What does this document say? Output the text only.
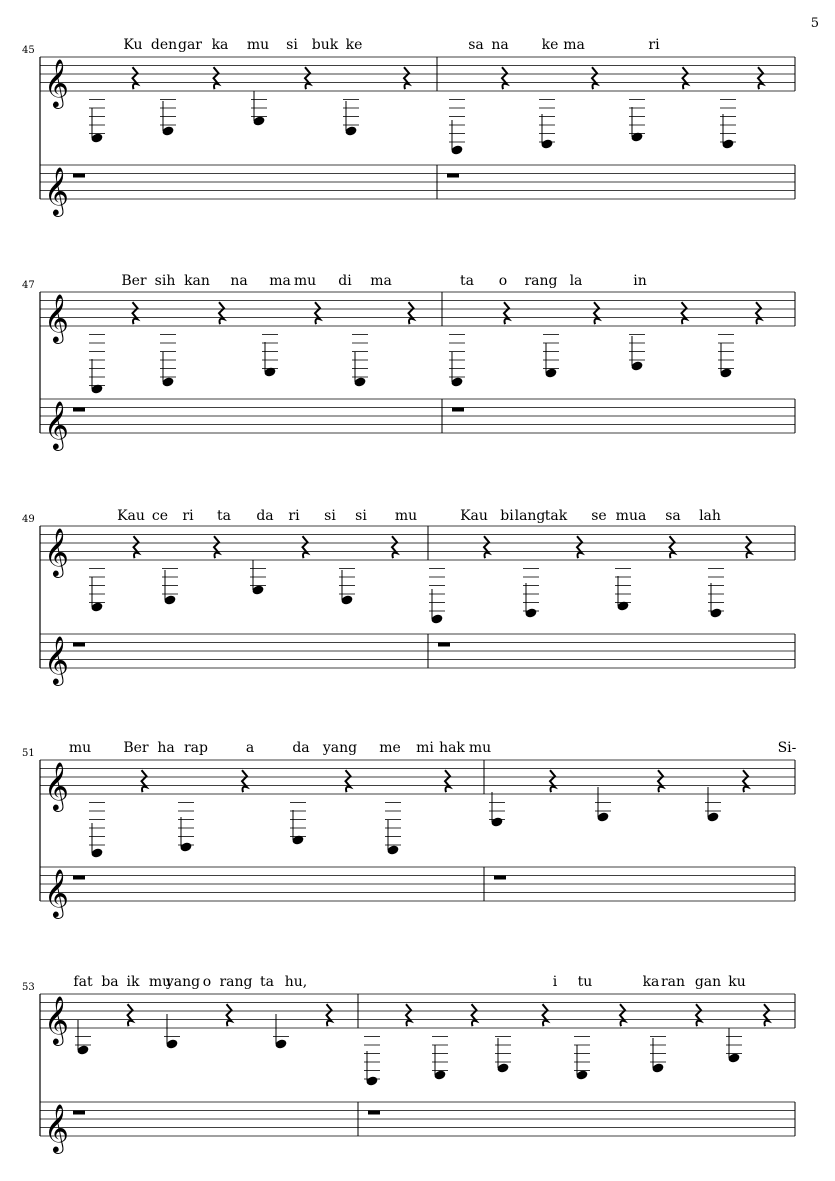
5
𝄞
𝄞
45	Ku den gar ka mu si buk ke	sa na ke ma	ri
𝄞
𝄞
47	Ber sih kan na ma mu di ma	ta o rang la	in
𝄞
𝄞
49	Kau ce ri ta da ri si si mu	Kau bi lang tak se mua sa lah
𝄞
𝄞
51 mu Ber ha rap	a	da yang me mi hak mu	Si-
𝄞
𝄞
53	fat ba ik mu
yang o rang ta hu,	i tu	ka ran gan ku
